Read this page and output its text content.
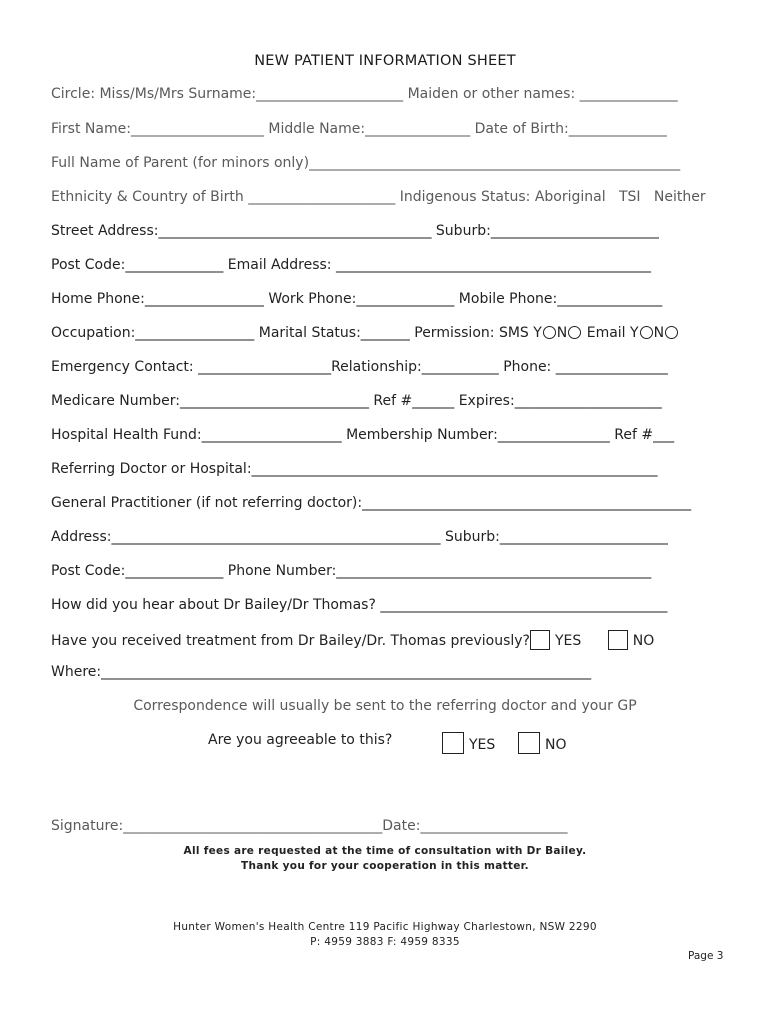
NEW PATIENT INFORMATION SHEET
Circle: Miss/Ms/Mrs Surname:_____________________ Maiden or other names: ______________
First Name:___________________ Middle Name:_______________ Date of Birth:______________
Full Name of Parent (for minors only)_____________________________________________________
Ethnicity & Country of Birth _____________________ Indigenous Status: Aboriginal TSI Neither
Street Address:_______________________________________ Suburb:________________________
Post Code:______________ Email Address: _____________________________________________
Home Phone:_________________ Work Phone:______________ Mobile Phone:_______________
Occupation:_________________ Marital Status:_______ Permission: SMS Y N Email Y N
Emergency Contact: ___________________Relationship:___________ Phone: ________________
Medicare Number:___________________________ Ref #______ Expires:_____________________
Hospital Health Fund:____________________ Membership Number:________________ Ref #___
Referring Doctor or Hospital:__________________________________________________________
General Practitioner (if not referring doctor):_______________________________________________
Address:_______________________________________________ Suburb:________________________
Post Code:______________ Phone Number:_____________________________________________
How did you hear about Dr Bailey/Dr Thomas? _________________________________________
Have you received treatment from Dr Bailey/Dr. Thomas previously? YES	NO
Where:______________________________________________________________________
Correspondence will usually be sent to the referring doctor and your GP
Are you agreeable to this?	YES	NO
Signature:_____________________________________Date:_____________________
All fees are requested at the time of consultation with Dr Bailey.
Thank you for your cooperation in this matter.
Hunter Women's Health Centre 119 Pacific Highway Charlestown, NSW 2290
P: 4959 3883 F: 4959 8335
Page 3
